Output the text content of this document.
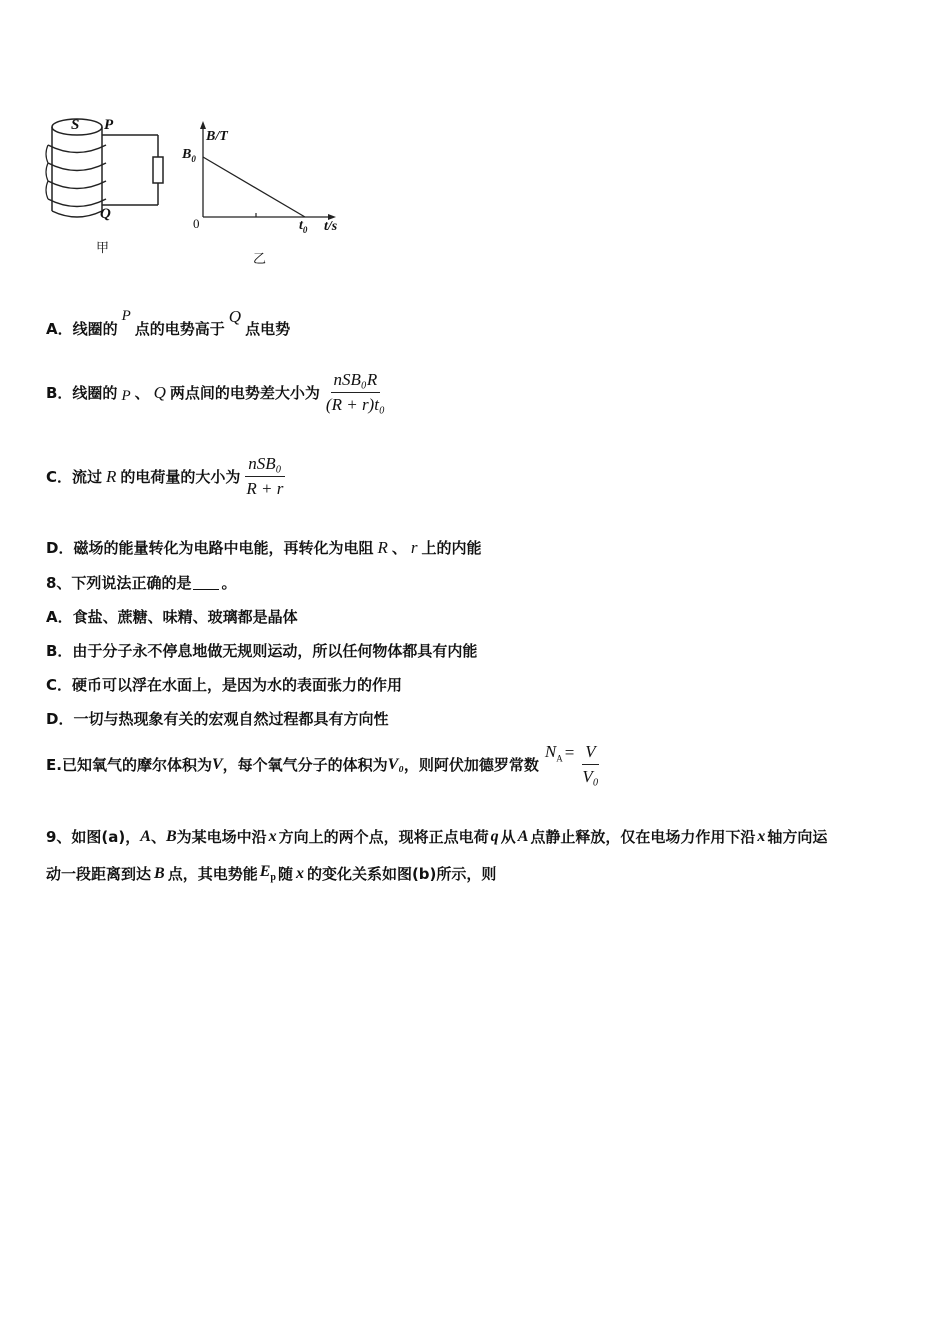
S P
Q
甲
B/T
$B_0$
0	$t_0$ t/s
乙
A．线圈的
P
点的电势高于
Q
点电势
B．线圈的 P 、 Q 两点间的电势差大小为 $\frac{\text{nSB₀R}}{\text{(R + r)t₀}}$
C．流过 R 的电荷量的大小为 $\frac{\text{nSB₀}}{R + r}$
D．磁场的能量转化为电路中电能，再转化为电阻 R 、 r 上的内能
8、下列说法正确的是 。
A．食盐、蔗糖、味精、玻璃都是晶体
B．由于分子永不停息地做无规则运动，所以任何物体都具有内能
C．硬币可以浮在水面上，是因为水的表面张力的作用
D．一切与热现象有关的宏观自然过程都具有方向性
E.已知氧气的摩尔体积为 V ，每个氧气分子的体积为 V₀ ，则阿伏加德罗常数
$N_A = \frac{V}{\text{V₀}}$
9、如图(a)， A 、 B 为某电场中沿 x 方向上的两个点，现将正点电荷 q 从 A 点静止释放，仅在电场力作用下沿 x 轴方向运
动一段距离到达 B 点，其电势能 $E_p$ 随 x 的变化关系如图(b)所示，则
